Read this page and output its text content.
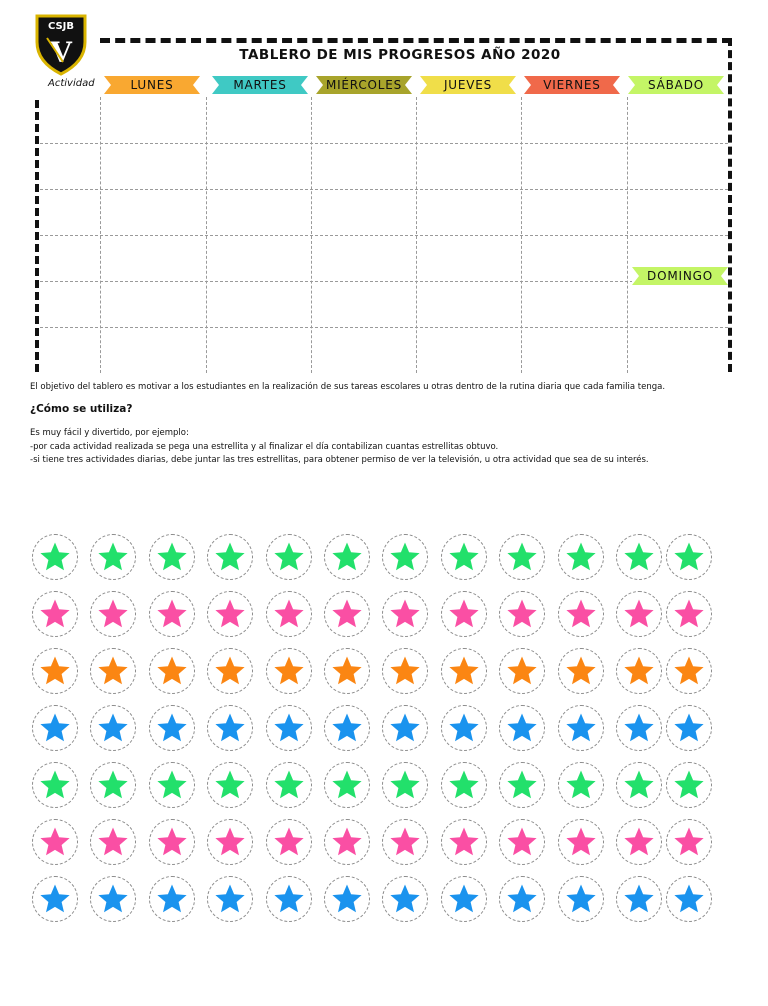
CSJB
V	TABLERO DE MIS PROGRESOS AÑO 2020
Actividad	LUNES	MARTES	MIÉRCOLES	JUEVES	VIERNES	SÁBADO
DOMINGO
El objetivo del tablero es motivar a los estudiantes en la realización de sus tareas escolares u otras dentro de la rutina diaria que cada familia tenga.
¿Cómo se utiliza?
Es muy fácil y divertido, por ejemplo:
-por cada actividad realizada se pega una estrellita y al finalizar el día contabilizan cuantas estrellitas obtuvo.
-si tiene tres actividades diarias, debe juntar las tres estrellitas, para obtener permiso de ver la televisión, u otra actividad que sea de su interés.
